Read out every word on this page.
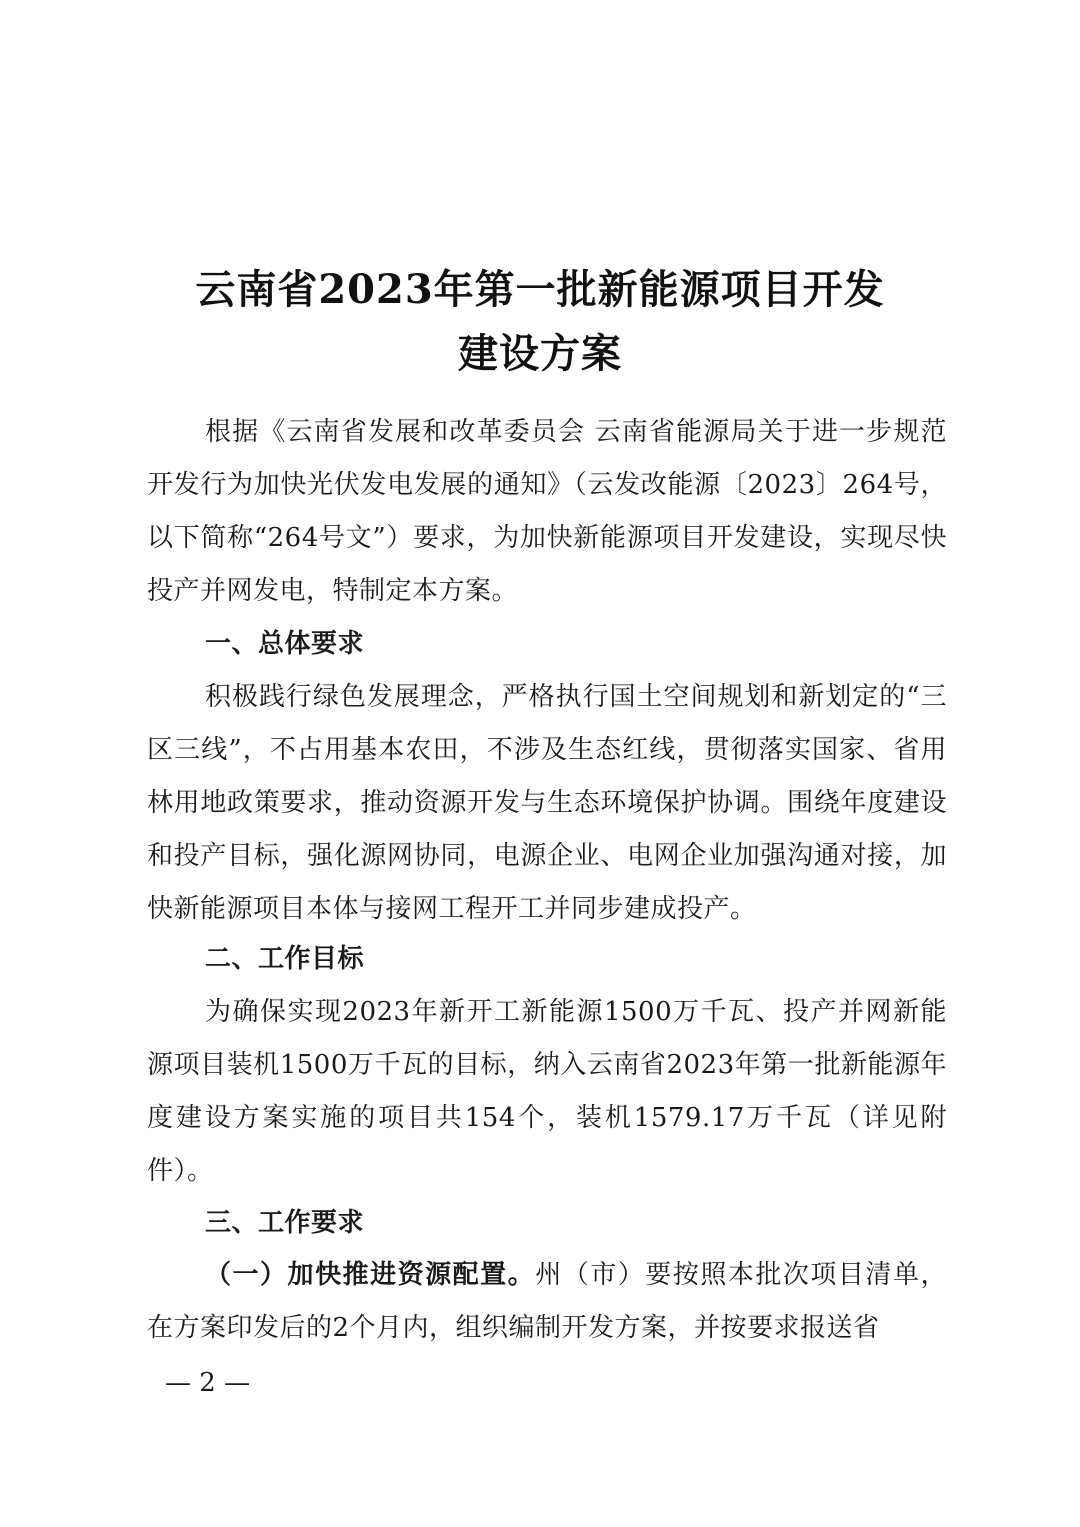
云南省2023年第一批新能源项目开发
建设方案
根据《云南省发展和改革委员会 云南省能源局关于进一步规范开发行为加快光伏发电发展的通知》（云发改能源〔2023〕264号，以下简称“264号文”）要求，为加快新能源项目开发建设，实现尽快投产并网发电，特制定本方案。
一、总体要求
积极践行绿色发展理念，严格执行国土空间规划和新划定的“三区三线”，不占用基本农田，不涉及生态红线，贯彻落实国家、省用林用地政策要求，推动资源开发与生态环境保护协调。围绕年度建设和投产目标，强化源网协同，电源企业、电网企业加强沟通对接，加快新能源项目本体与接网工程开工并同步建成投产。
二、工作目标
为确保实现2023年新开工新能源1500万千瓦、投产并网新能源项目装机1500万千瓦的目标，纳入云南省2023年第一批新能源年度建设方案实施的项目共154个，装机1579.17万千瓦（详见附件）。
三、工作要求
（一）加快推进资源配置。州（市）要按照本批次项目清单，在方案印发后的2个月内，组织编制开发方案，并按要求报送省
— 2 —
